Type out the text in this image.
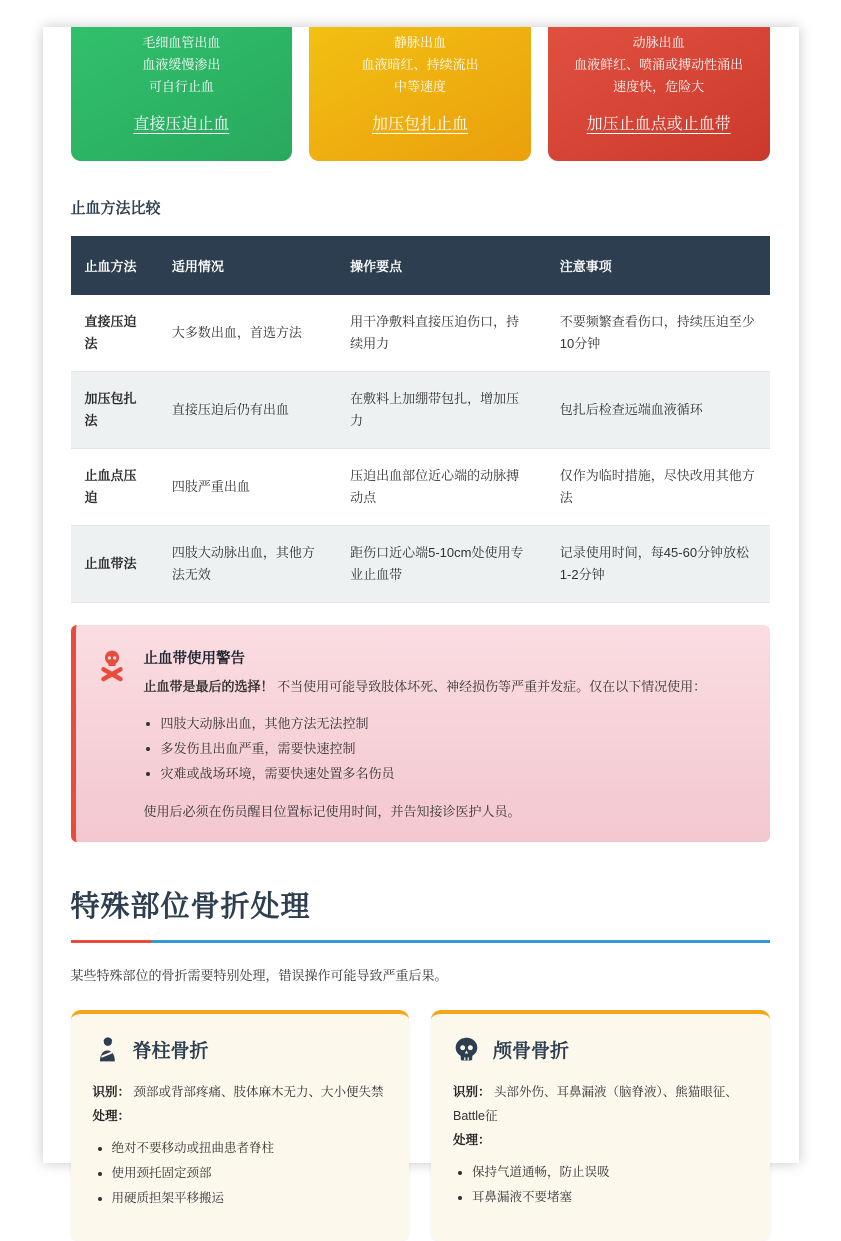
毛细血管出血
血液缓慢渗出
可自行止血
直接压迫止血
静脉出血
血液暗红、持续流出
中等速度
加压包扎止血
动脉出血
血液鲜红、喷涌或搏动性涌出
速度快，危险大
加压止血点或止血带
止血方法比较
止血方法	适用情况	操作要点	注意事项
直接压迫法	大多数出血，首选方法	用干净敷料直接压迫伤口，持续用力	不要频繁查看伤口，持续压迫至少10分钟
加压包扎法	直接压迫后仍有出血	在敷料上加绷带包扎，增加压力	包扎后检查远端血液循环
止血点压迫	四肢严重出血	压迫出血部位近心端的动脉搏动点	仅作为临时措施，尽快改用其他方法
止血带法	四肢大动脉出血，其他方法无效	距伤口近心端5-10cm处使用专业止血带	记录使用时间，每45-60分钟放松1-2分钟
止血带使用警告
止血带是最后的选择！ 不当使用可能导致肢体坏死、神经损伤等严重并发症。仅在以下情况使用：
• 四肢大动脉出血，其他方法无法控制
• 多发伤且出血严重，需要快速控制
• 灾难或战场环境，需要快速处置多名伤员
使用后必须在伤员醒目位置标记使用时间，并告知接诊医护人员。
特殊部位骨折处理

某些特殊部位的骨折需要特别处理，错误操作可能导致严重后果。

脊柱骨折

识别： 颈部或背部疼痛、肢体麻木无力、大小便失禁

处理：

• 绝对不要移动或扭曲患者脊柱
• 使用颈托固定颈部
• 用硬质担架平移搬运
颅骨骨折

识别： 头部外伤、耳鼻漏液（脑脊液）、熊猫眼征、Battle征

处理：

• 保持气道通畅，防止误吸
• 耳鼻漏液不要堵塞
